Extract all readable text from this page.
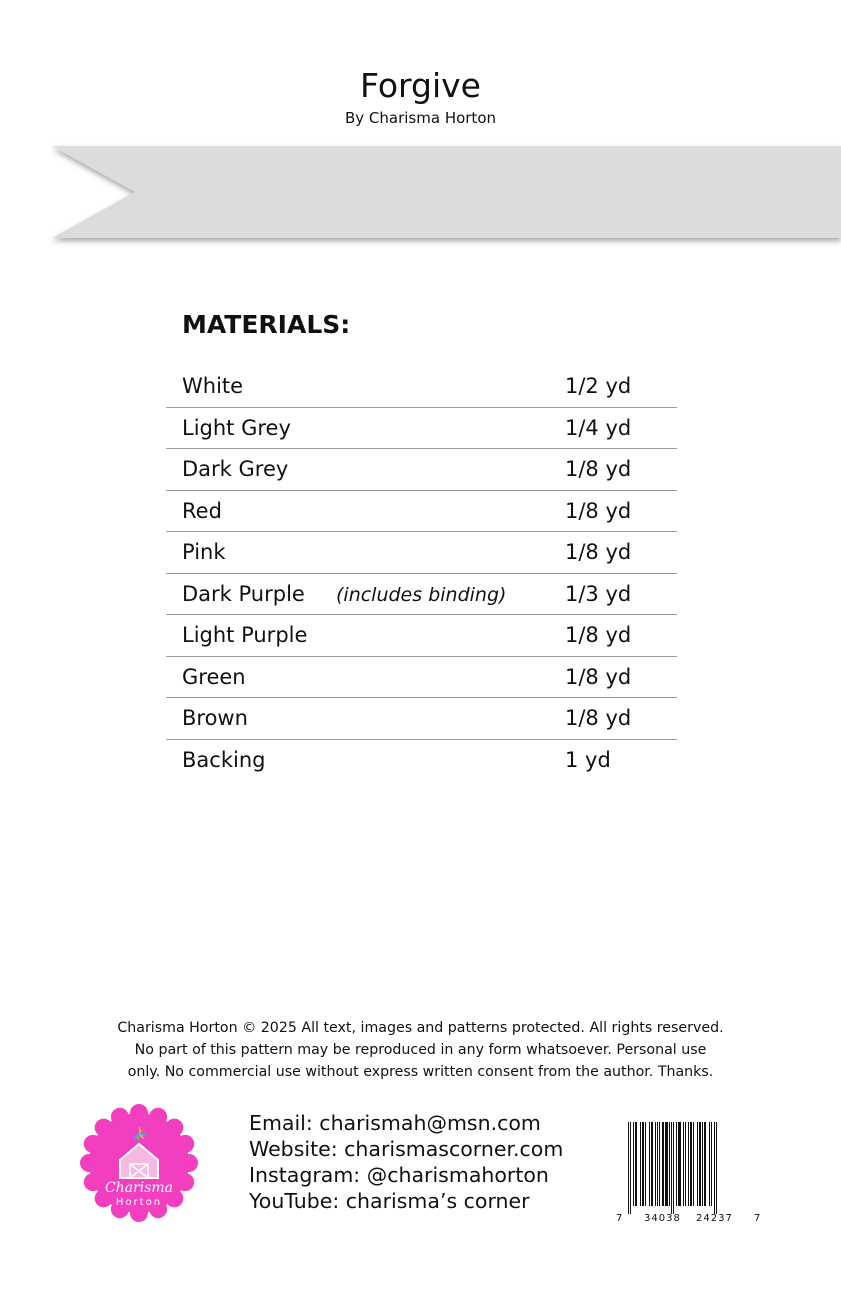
Forgive
By Charisma Horton
MATERIALS:
White	1/2 yd
Light Grey	1/4 yd
Dark Grey	1/8 yd
Red	1/8 yd
Pink	1/8 yd
Dark Purple (includes binding)	1/3 yd
Light Purple	1/8 yd
Green	1/8 yd
Brown	1/8 yd
Backing	1 yd
Charisma Horton © 2025 All text, images and patterns protected. All rights reserved.
No part of this pattern may be reproduced in any form whatsoever. Personal use
only. No commercial use without express written consent from the author. Thanks.
Charisma
Horton
Email: charismah@msn.com
Website: charismascorner.com
Instagram: @charismahorton
YouTube: charisma’s corner
7 34038 24237 7
